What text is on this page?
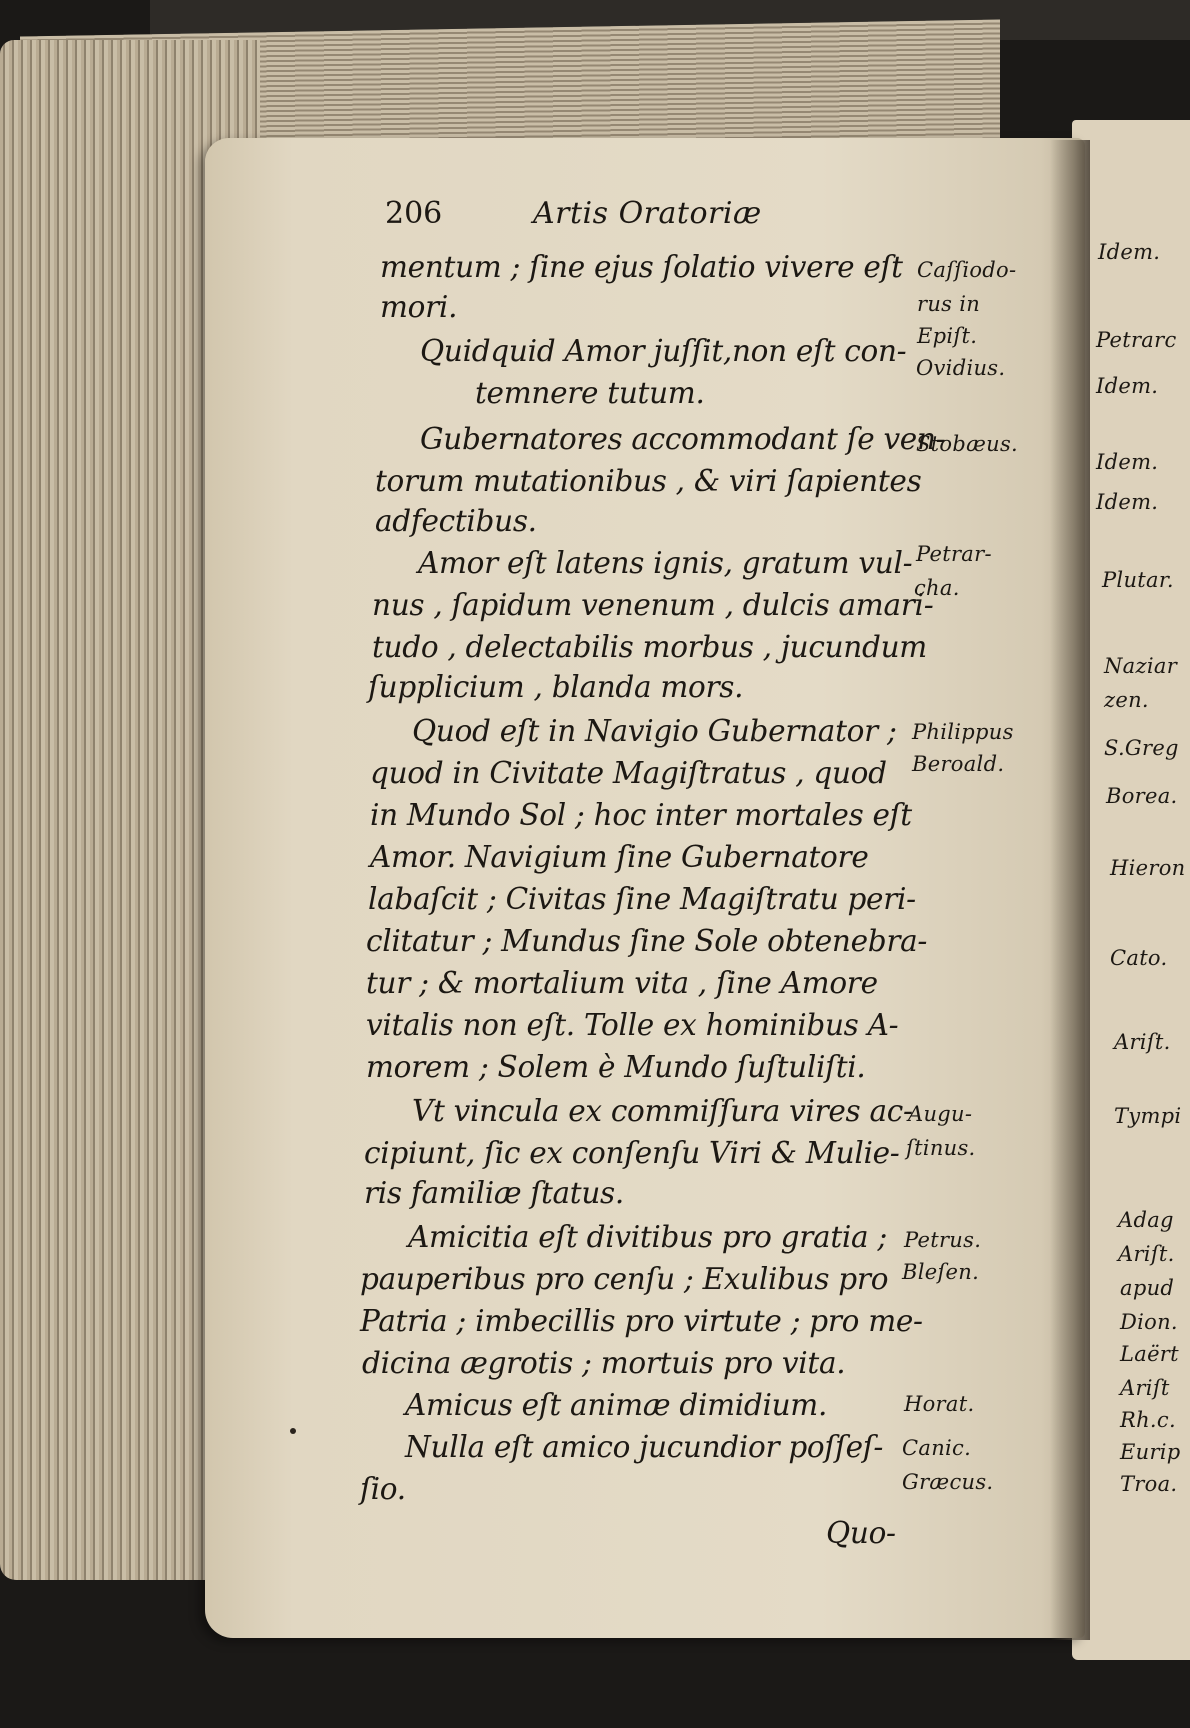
206	Artis Oratoriæ
mentum ; ſine ejus ſolatio vivere eſt
mori.
Quidquid Amor juſſit,non eſt con-
temnere tutum.
Gubernatores accommodant ſe ven-
torum mutationibus , & viri ſapientes
adfectibus.
Amor eſt latens ignis, gratum vul-
nus , ſapidum venenum , dulcis amari-
tudo , delectabilis morbus , jucundum
ſupplicium , blanda mors.
Quod eſt in Navigio Gubernator ;
quod in Civitate Magiſtratus , quod
in Mundo Sol ; hoc inter mortales eſt
Amor. Navigium ſine Gubernatore
labaſcit ; Civitas ſine Magiſtratu peri-
clitatur ; Mundus ſine Sole obtenebra-
tur ; & mortalium vita , ſine Amore
vitalis non eſt. Tolle ex hominibus A-
morem ; Solem è Mundo ſuſtuliſti.
Vt vincula ex commiſſura vires ac-
cipiunt, ſic ex conſenſu Viri & Mulie-
ris familiæ ſtatus.
Amicitia eſt divitibus pro gratia ;
pauperibus pro cenſu ; Exulibus pro
Patria ; imbecillis pro virtute ; pro me-
dicina ægrotis ; mortuis pro vita.
Amicus eſt animæ dimidium.
Nulla eſt amico jucundior poſſeſ-
ſio.
Quo-
Caſſiodo-
rus in
Epiſt.
Ovidius.
Stobæus.
Petrar-
cha.
Philippus
Beroald.
Augu-
ſtinus.
Petrus.
Bleſen.
Horat.
Canic.
Græcus.
Idem.
Petrarc
Idem.
Idem.
Idem.
Plutar.
Naziar
zen.
S.Greg
Borea.
Hieron
Cato.
Ariſt.
Tympi
Adag
Ariſt.
apud
Dion.
Laërt
Ariſt
Rh.c.
Eurip
Troa.
